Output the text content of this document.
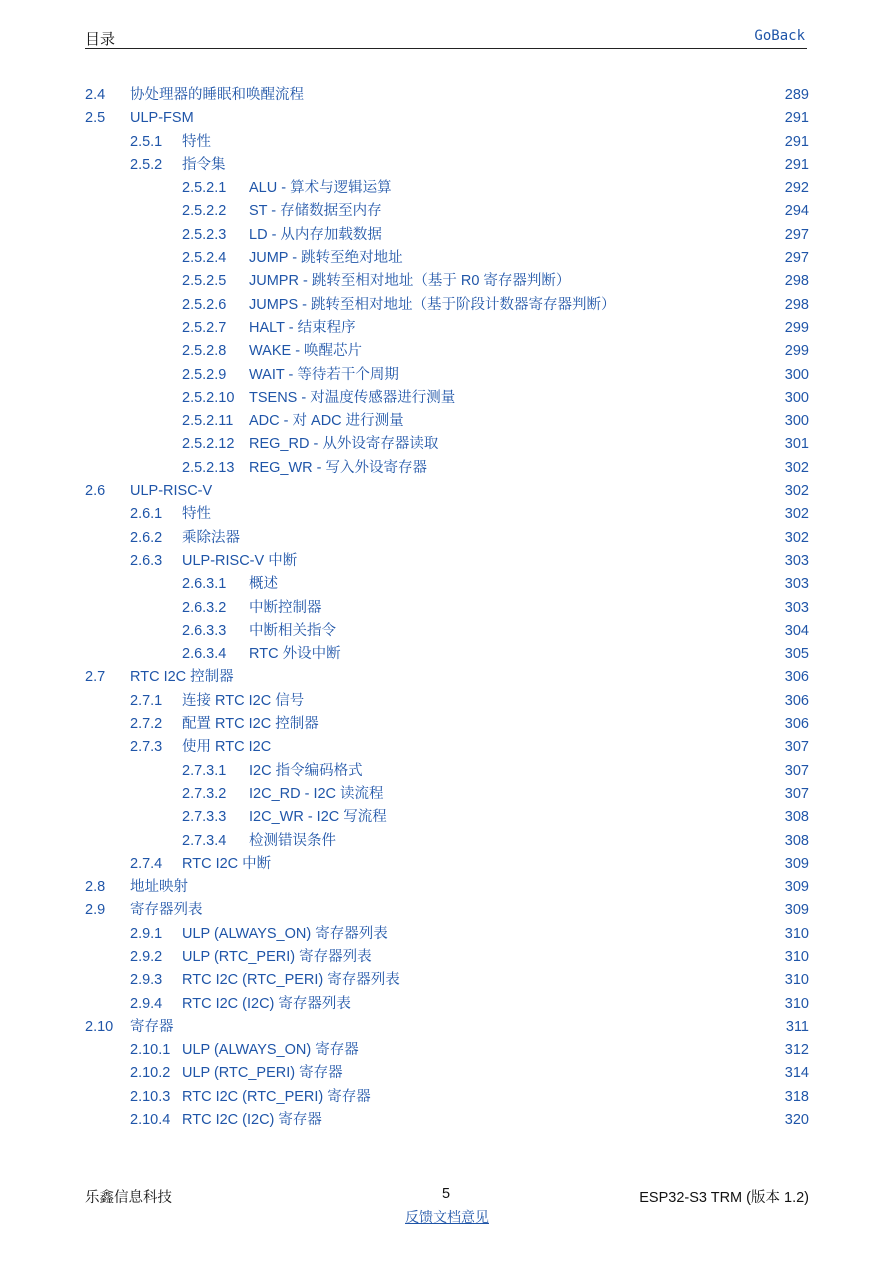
目录	GoBack
2.4 协处理器的睡眠和唤醒流程	289
2.5 ULP-FSM	291
2.5.1 特性	291
2.5.2 指令集	291
2.5.2.1 ALU - 算术与逻辑运算	292
2.5.2.2 ST - 存储数据至内存	294
2.5.2.3 LD - 从内存加载数据	297
2.5.2.4 JUMP - 跳转至绝对地址	297
2.5.2.5 JUMPR - 跳转至相对地址（基于 R0 寄存器判断）	298
2.5.2.6 JUMPS - 跳转至相对地址（基于阶段计数器寄存器判断）	298
2.5.2.7 HALT - 结束程序	299
2.5.2.8 WAKE - 唤醒芯片	299
2.5.2.9 WAIT - 等待若干个周期	300
2.5.2.10 TSENS - 对温度传感器进行测量	300
2.5.2.11 ADC - 对 ADC 进行测量	300
2.5.2.12 REG_RD - 从外设寄存器读取	301
2.5.2.13 REG_WR - 写入外设寄存器	302
2.6 ULP-RISC-V	302
2.6.1 特性	302
2.6.2 乘除法器	302
2.6.3 ULP-RISC-V 中断	303
2.6.3.1 概述	303
2.6.3.2 中断控制器	303
2.6.3.3 中断相关指令	304
2.6.3.4 RTC 外设中断	305
2.7 RTC I2C 控制器	306
2.7.1 连接 RTC I2C 信号	306
2.7.2 配置 RTC I2C 控制器	306
2.7.3 使用 RTC I2C	307
2.7.3.1 I2C 指令编码格式	307
2.7.3.2 I2C_RD - I2C 读流程	307
2.7.3.3 I2C_WR - I2C 写流程	308
2.7.3.4 检测错误条件	308
2.7.4 RTC I2C 中断	309
2.8 地址映射	309
2.9 寄存器列表	309
2.9.1 ULP (ALWAYS_ON) 寄存器列表	310
2.9.2 ULP (RTC_PERI) 寄存器列表	310
2.9.3 RTC I2C (RTC_PERI) 寄存器列表	310
2.9.4 RTC I2C (I2C) 寄存器列表	310
2.10 寄存器	311
2.10.1 ULP (ALWAYS_ON) 寄存器	312
2.10.2 ULP (RTC_PERI) 寄存器	314
2.10.3 RTC I2C (RTC_PERI) 寄存器	318
2.10.4 RTC I2C (I2C) 寄存器	320
乐鑫信息科技	5	ESP32-S3 TRM (版本 1.2)
反馈文档意见
